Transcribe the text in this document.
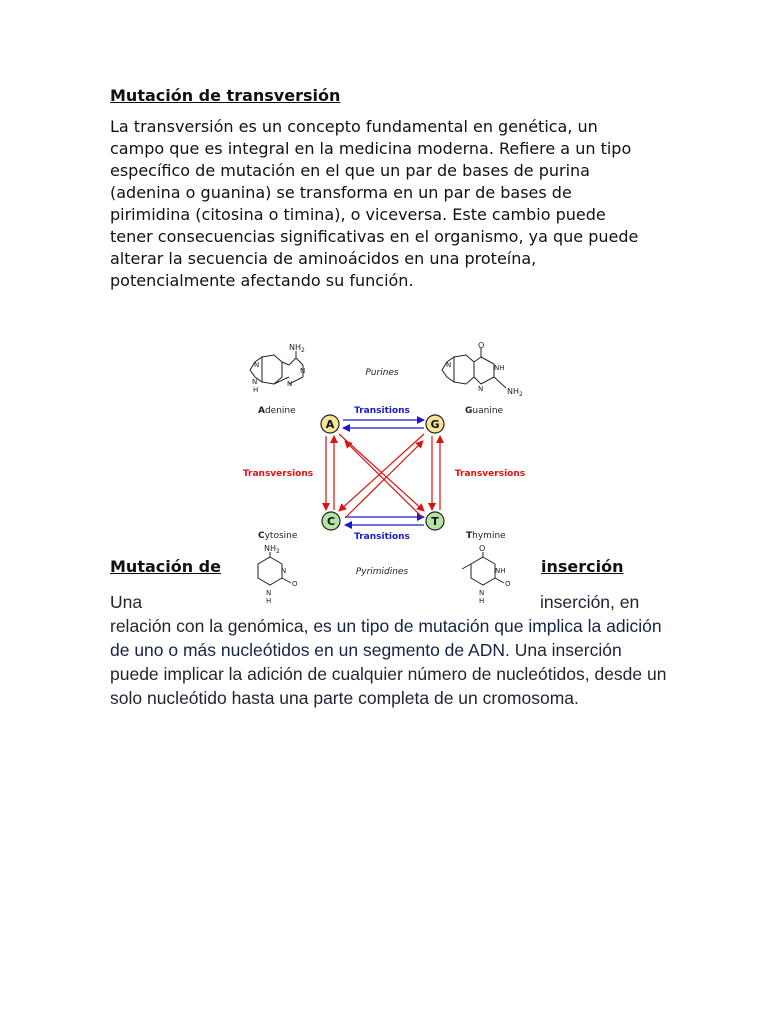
Mutación de transversión

La transversión es un concepto fundamental en genética, un campo que es integral en la medicina moderna. Refiere a un tipo específico de mutación en el que un par de bases de purina (adenina o guanina) se transforma en un par de bases de pirimidina (citosina o timina), o viceversa. Este cambio puede tener consecuencias significativas en el organismo, ya que puede alterar la secuencia de aminoácidos en una proteína, potencialmente afectando su función.

Mutación de	inserción

Una	inserción, en
relación con la genómica, es un tipo de mutación que implica la adición de uno o más nucleótidos en un segmento de ADN. Una inserción puede implicar la adición de cualquier número de nucleótidos, desde un solo nucleótido hasta una parte completa de un cromosoma.

$NH_2$
N
N
N
N
H
Adenine
O
NH
N
N
$NH_2$
Guanine
Purines
Pyrimidines
Transitions
Transitions
Transversions	Transversions
A	G
C	T
Cytosine
$NH_2$
N
O
N
H
Thymine
O
NH
O
N
H
